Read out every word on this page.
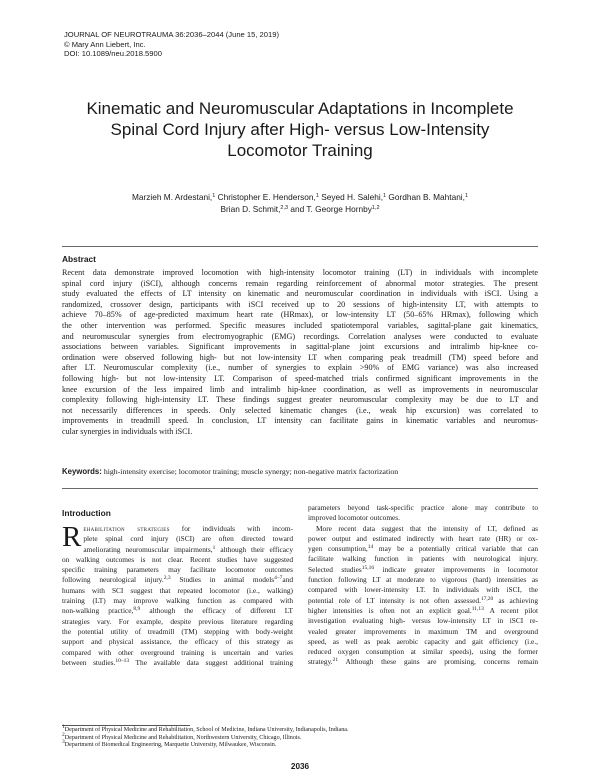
JOURNAL OF NEUROTRAUMA 36:2036–2044 (June 15, 2019)
© Mary Ann Liebert, Inc.
DOI: 10.1089/neu.2018.5900
Kinematic and Neuromuscular Adaptations in Incomplete
Spinal Cord Injury after High- versus Low-Intensity
Locomotor Training
Marzieh M. Ardestani,$^1$ Christopher E. Henderson,$^1$ Seyed H. Salehi,$^1$ Gordhan B. Mahtani,$^1$
Brian D. Schmit,$^{2,3}$ and T. George Hornby$^{1,2}$
Abstract
Recent data demonstrate improved locomotion with high-intensity locomotor training (LT) in individuals with incomplete
spinal cord injury (iSCI), although concerns remain regarding reinforcement of abnormal motor strategies. The present
study evaluated the effects of LT intensity on kinematic and neuromuscular coordination in individuals with iSCI. Using a
randomized, crossover design, participants with iSCI received up to 20 sessions of high-intensity LT, with attempts to
achieve 70–85% of age-predicted maximum heart rate (HRmax), or low-intensity LT (50–65% HRmax), following which
the other intervention was performed. Specific measures included spatiotemporal variables, sagittal-plane gait kinematics,
and neuromuscular synergies from electromyographic (EMG) recordings. Correlation analyses were conducted to evaluate
associations between variables. Significant improvements in sagittal-plane joint excursions and intralimb hip-knee co-
ordination were observed following high- but not low-intensity LT when comparing peak treadmill (TM) speed before and
after LT. Neuromuscular complexity (i.e., number of synergies to explain >90% of EMG variance) was also increased
following high- but not low-intensity LT. Comparison of speed-matched trials confirmed significant improvements in the
knee excursion of the less impaired limb and intralimb hip-knee coordination, as well as improvements in neuromuscular
complexity following high-intensity LT. These findings suggest greater neuromuscular complexity may be due to LT and
not necessarily differences in speeds. Only selected kinematic changes (i.e., weak hip excursion) was correlated to
improvements in treadmill speed. In conclusion, LT intensity can facilitate gains in kinematic variables and neuromus-
cular synergies in individuals with iSCI.
Keywords: high-intensity exercise; locomotor training; muscle synergy; non-negative matrix factorization
Introduction
R ehabilitation strategies for individuals with incom-
plete spinal cord injury (iSCI) are often directed toward
ameliorating neuromuscular impairments,$^1$ although their efficacy
on walking outcomes is not clear. Recent studies have suggested
specific training parameters may facilitate locomotor outcomes
following neurological injury.$^{2,3}$ Studies in animal models$^{4-7}$and
humans with SCI suggest that repeated locomotor (i.e., walking)
training (LT) may improve walking function as compared with
non-walking practice,$^{8,9}$ although the efficacy of different LT
strategies vary. For example, despite previous literature regarding
the potential utility of treadmill (TM) stepping with body-weight
support and physical assistance, the efficacy of this strategy as
compared with other overground training is uncertain and varies
between studies.$^{10-13}$ The available data suggest additional training
parameters beyond task-specific practice alone may contribute to
improved locomotor outcomes.
More recent data suggest that the intensity of LT, defined as
power output and estimated indirectly with heart rate (HR) or ox-
ygen consumption,$^{14}$ may be a potentially critical variable that can
facilitate walking function in patients with neurological injury.
Selected studies$^{15,16}$ indicate greater improvements in locomotor
function following LT at moderate to vigorous (hard) intensities as
compared with lower-intensity LT. In individuals with iSCI, the
potential role of LT intensity is not often assessed.$^{17,20}$ as achieving
higher intensities is often not an explicit goal.$^{11,13}$ A recent pilot
investigation evaluating high- versus low-intensity LT in iSCI re-
vealed greater improvements in maximum TM and overground
speed, as well as peak aerobic capacity and gait efficiency (i.e.,
reduced oxygen consumption at similar speeds), using the former
strategy.$^{21}$ Although these gains are promising, concerns remain
$^1$Department of Physical Medicine and Rehabilitation, School of Medicine, Indiana University, Indianapolis, Indiana.
$^2$Department of Physical Medicine and Rehabilitation, Northwestern University, Chicago, Illinois.
$^3$Department of Biomedical Engineering, Marquette University, Milwaukee, Wisconsin.
2036
